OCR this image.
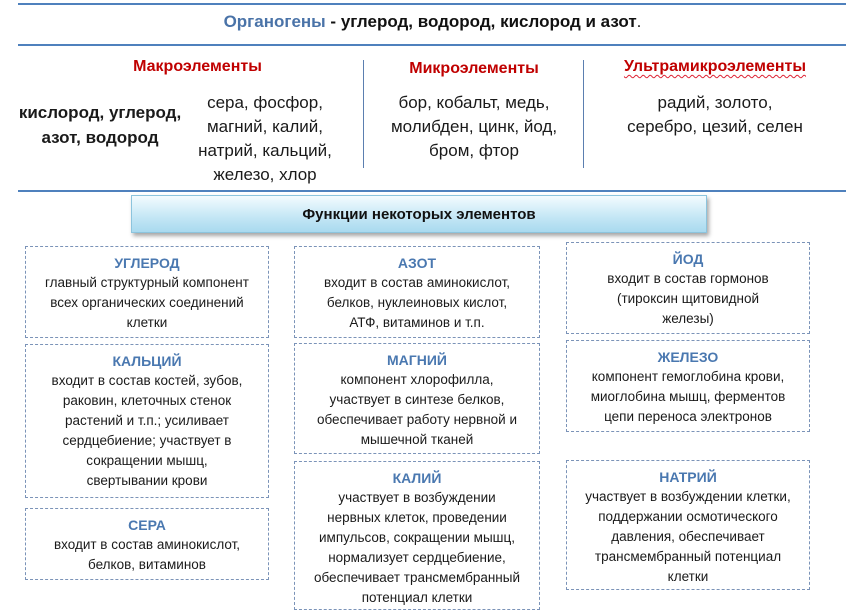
Органогены - углерод, водород, кислород и азот.
Макроэлементы
кислород, углерод,
азот, водород
сера, фосфор,
магний, калий,
натрий, кальций,
железо, хлор
Микроэлементы
бор, кобальт, медь,
молибден, цинк, йод,
бром, фтор
Ультрамикроэлементы
радий, золото,
серебро, цезий, селен
Функции некоторых элементов
УГЛЕРОД
главный структурный компонент
всех органических соединений
клетки
КАЛЬЦИЙ
входит в состав костей, зубов,
раковин, клеточных стенок
растений и т.п.; усиливает
сердцебиение; участвует в
сокращении мышц,
свертывании крови
СЕРА
входит в состав аминокислот,
белков, витаминов
АЗОТ
входит в состав аминокислот,
белков, нуклеиновых кислот,
АТФ, витаминов и т.п.
МАГНИЙ
компонент хлорофилла,
участвует в синтезе белков,
обеспечивает работу нервной и
мышечной тканей
КАЛИЙ
участвует в возбуждении
нервных клеток, проведении
импульсов, сокращении мышц,
нормализует сердцебиение,
обеспечивает трансмембранный
потенциал клетки
ЙОД
входит в состав гормонов
(тироксин щитовидной
железы)
ЖЕЛЕЗО
компонент гемоглобина крови,
миоглобина мышц, ферментов
цепи переноса электронов
НАТРИЙ
участвует в возбуждении клетки,
поддержании осмотического
давления, обеспечивает
трансмембранный потенциал
клетки
